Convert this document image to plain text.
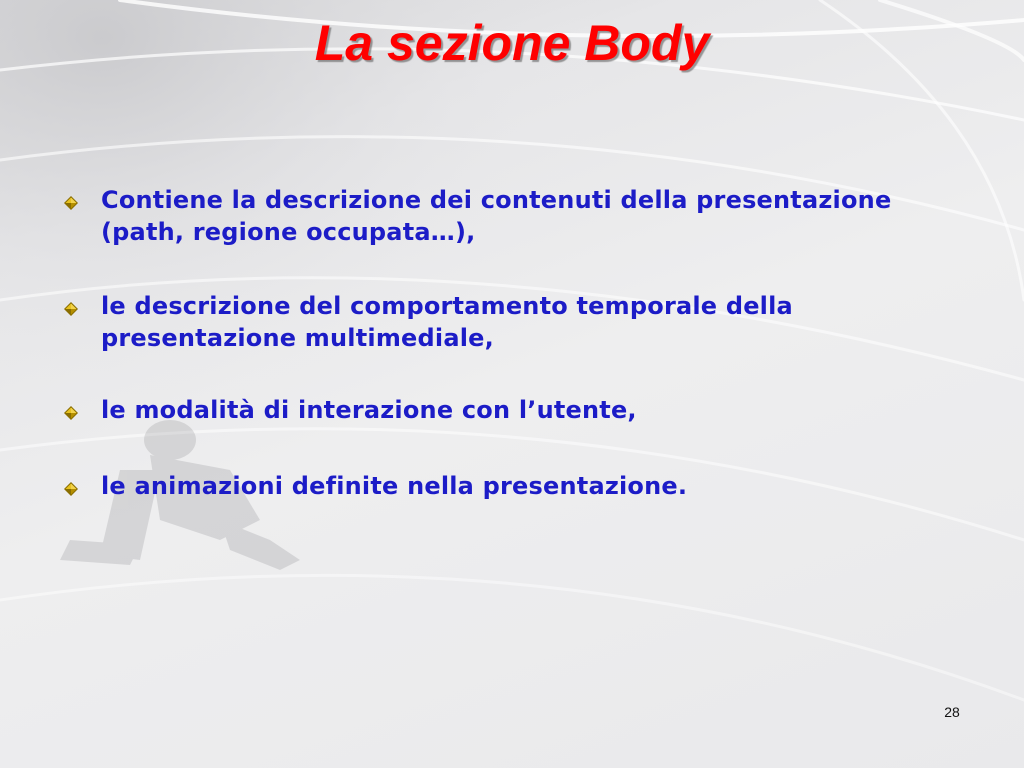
La sezione Body
Contiene la descrizione dei contenuti della presentazione (path, regione occupata…),
le descrizione del comportamento temporale della presentazione multimediale,
le modalità di interazione con l’utente,
le animazioni definite nella presentazione.
28
